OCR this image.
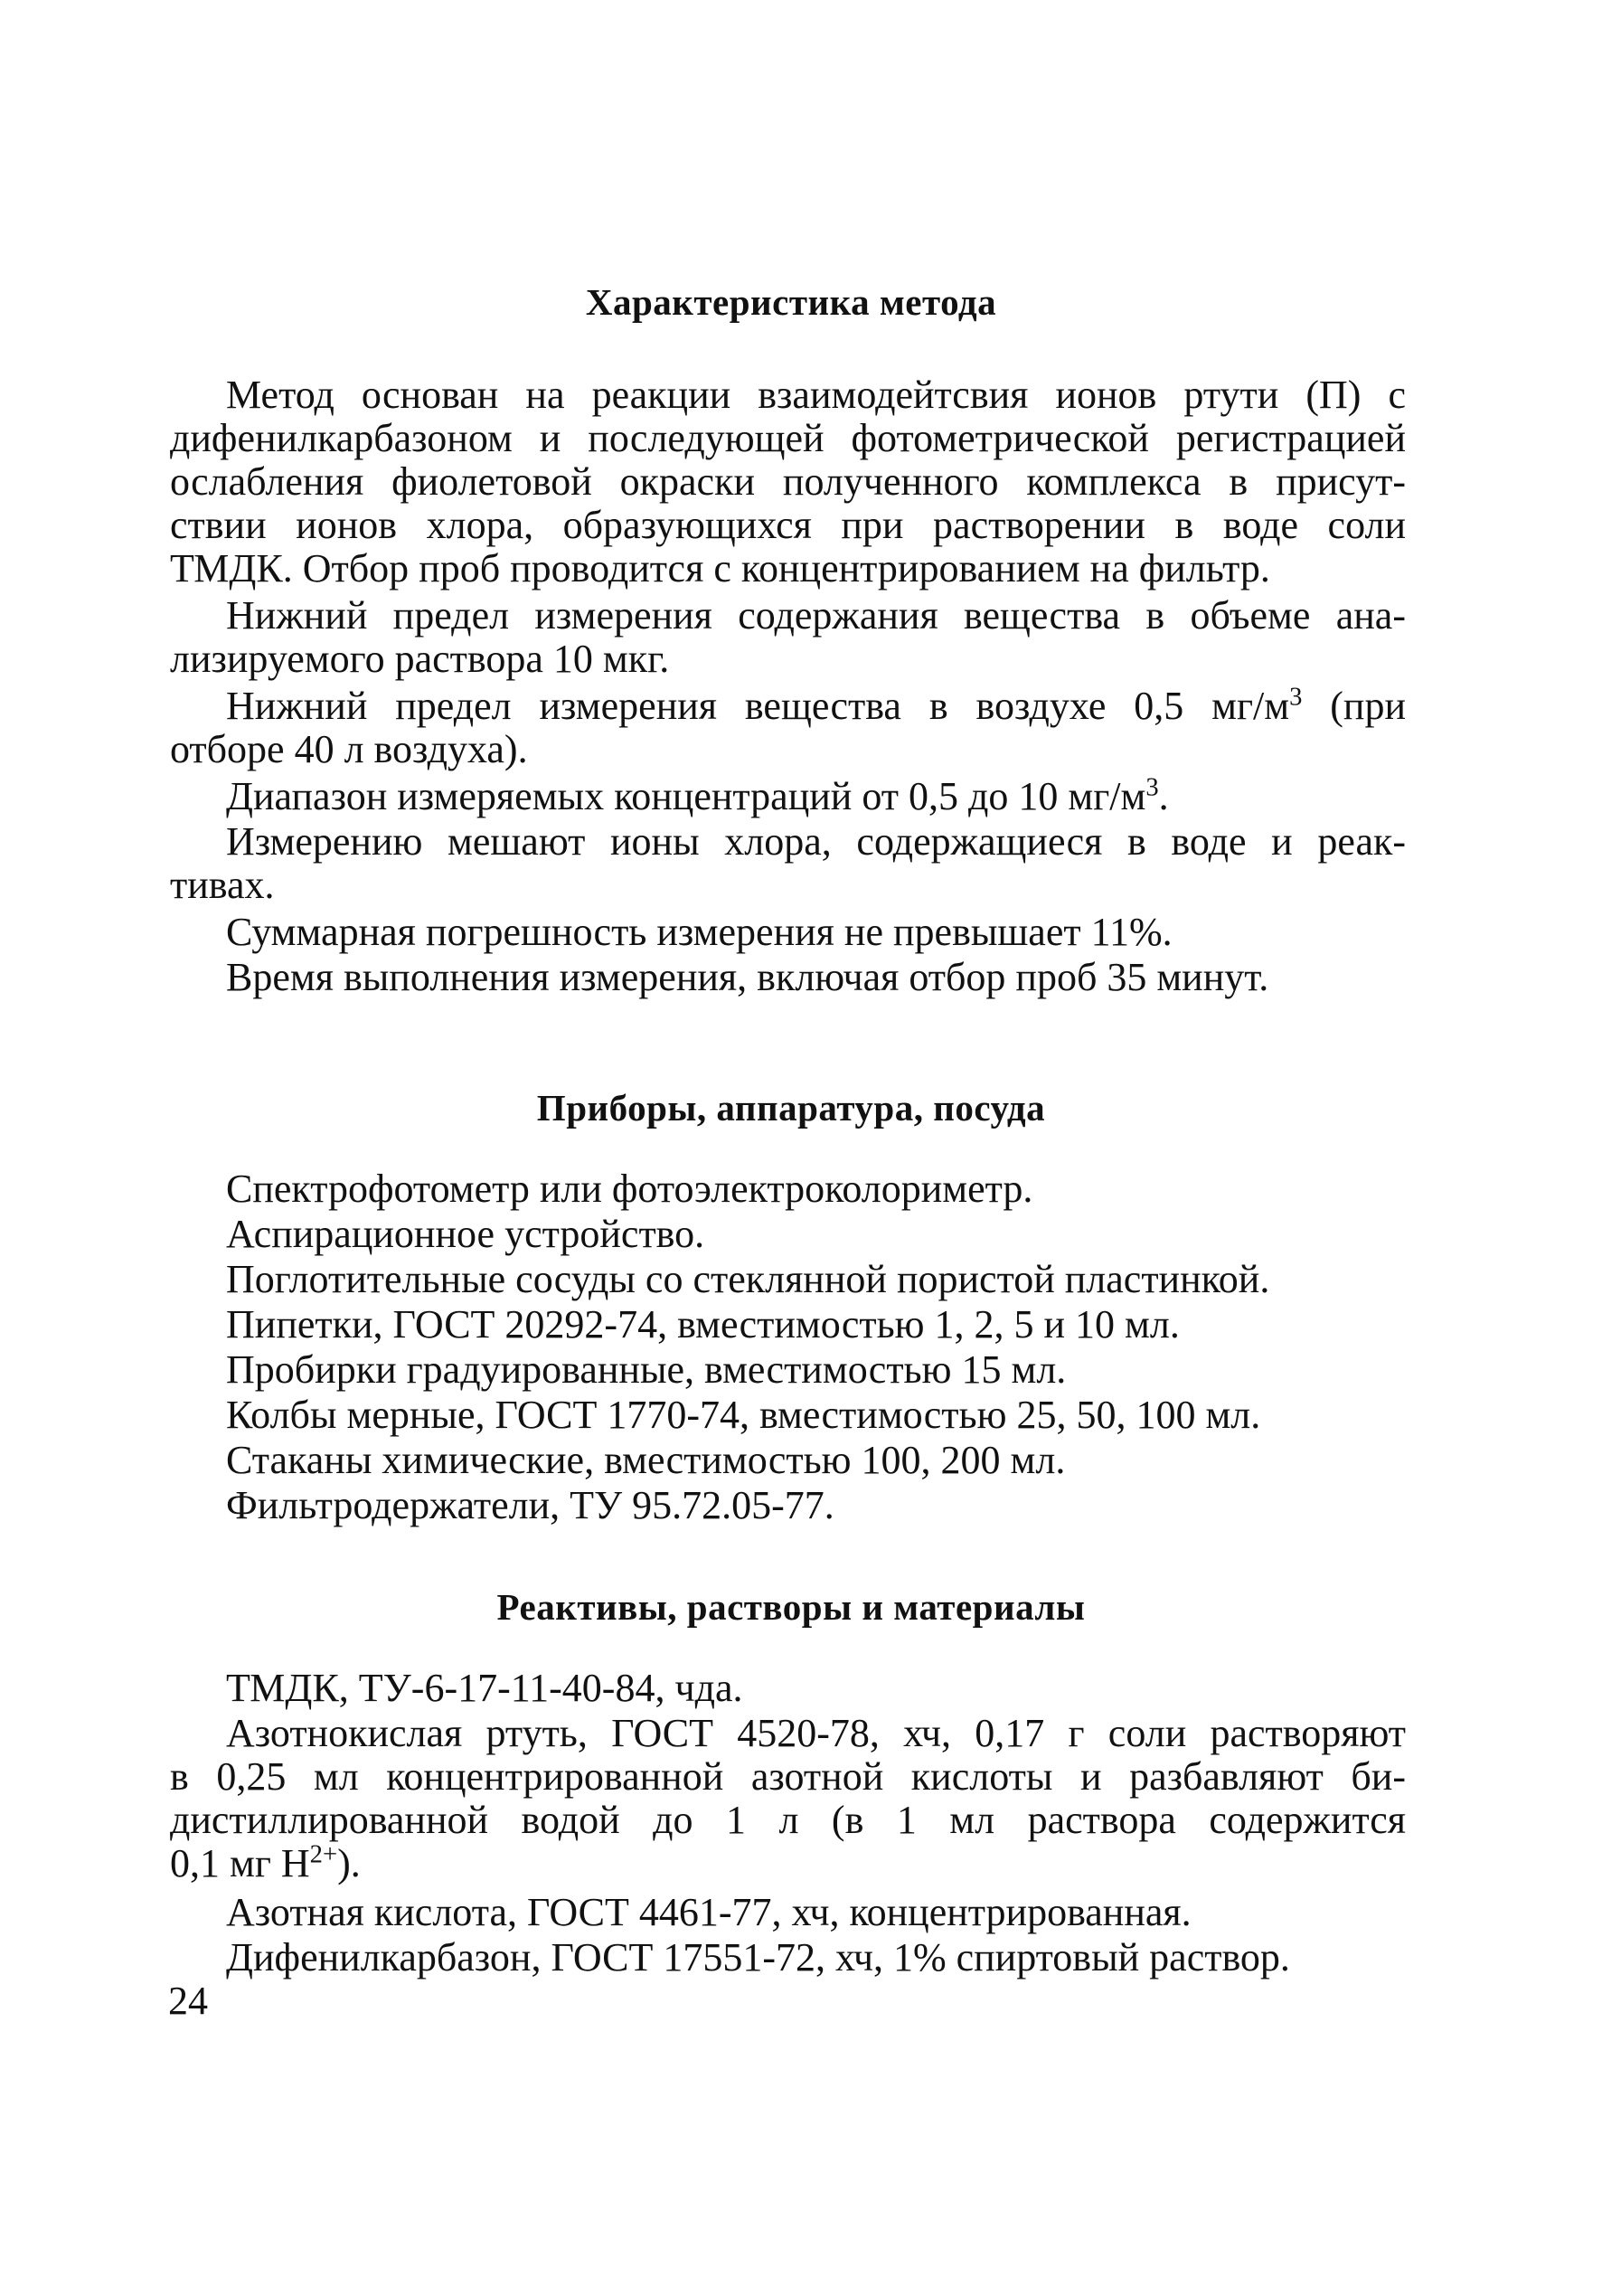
Характеристика метода
Метод основан на реакции взаимодейтсвия ионов ртути (П) с
дифенилкарбазоном и последующей фотометрической регистрацией
ослабления фиолетовой окраски полученного комплекса в присут-
ствии ионов хлора, образующихся при растворении в воде соли
ТМДК. Отбор проб проводится с концентрированием на фильтр.
Нижний предел измерения содержания вещества в объеме ана-
лизируемого раствора 10 мкг.
Нижний предел измерения вещества в воздухе 0,5 $мг/м^3$ (при
отборе 40 л воздуха).
Диапазон измеряемых концентраций от 0,5 до 10 $мг/м^3$.
Измерению мешают ионы хлора, содержащиеся в воде и реак-
тивах.
Суммарная погрешность измерения не превышает 11%.
Время выполнения измерения, включая отбор проб 35 минут.
Приборы, аппаратура, посуда
Спектрофотометр или фотоэлектроколориметр.
Аспирационное устройство.
Поглотительные сосуды со стеклянной пористой пластинкой.
Пипетки, ГОСТ 20292-74, вместимостью 1, 2, 5 и 10 мл.
Пробирки градуированные, вместимостью 15 мл.
Колбы мерные, ГОСТ 1770-74, вместимостью 25, 50, 100 мл.
Стаканы химические, вместимостью 100, 200 мл.
Фильтродержатели, ТУ 95.72.05-77.
Реактивы, растворы и материалы
ТМДК, ТУ-6-17-11-40-84, чда.
Азотнокислая ртуть, ГОСТ 4520-78, хч, 0,17 г соли растворяют
в 0,25 мл концентрированной азотной кислоты и разбавляют би-
дистиллированной водой до 1 л (в 1 мл раствора содержится
0,1 мг $H^{2+}$).
Азотная кислота, ГОСТ 4461-77, хч, концентрированная.
Дифенилкарбазон, ГОСТ 17551-72, хч, 1% спиртовый раствор.
24
